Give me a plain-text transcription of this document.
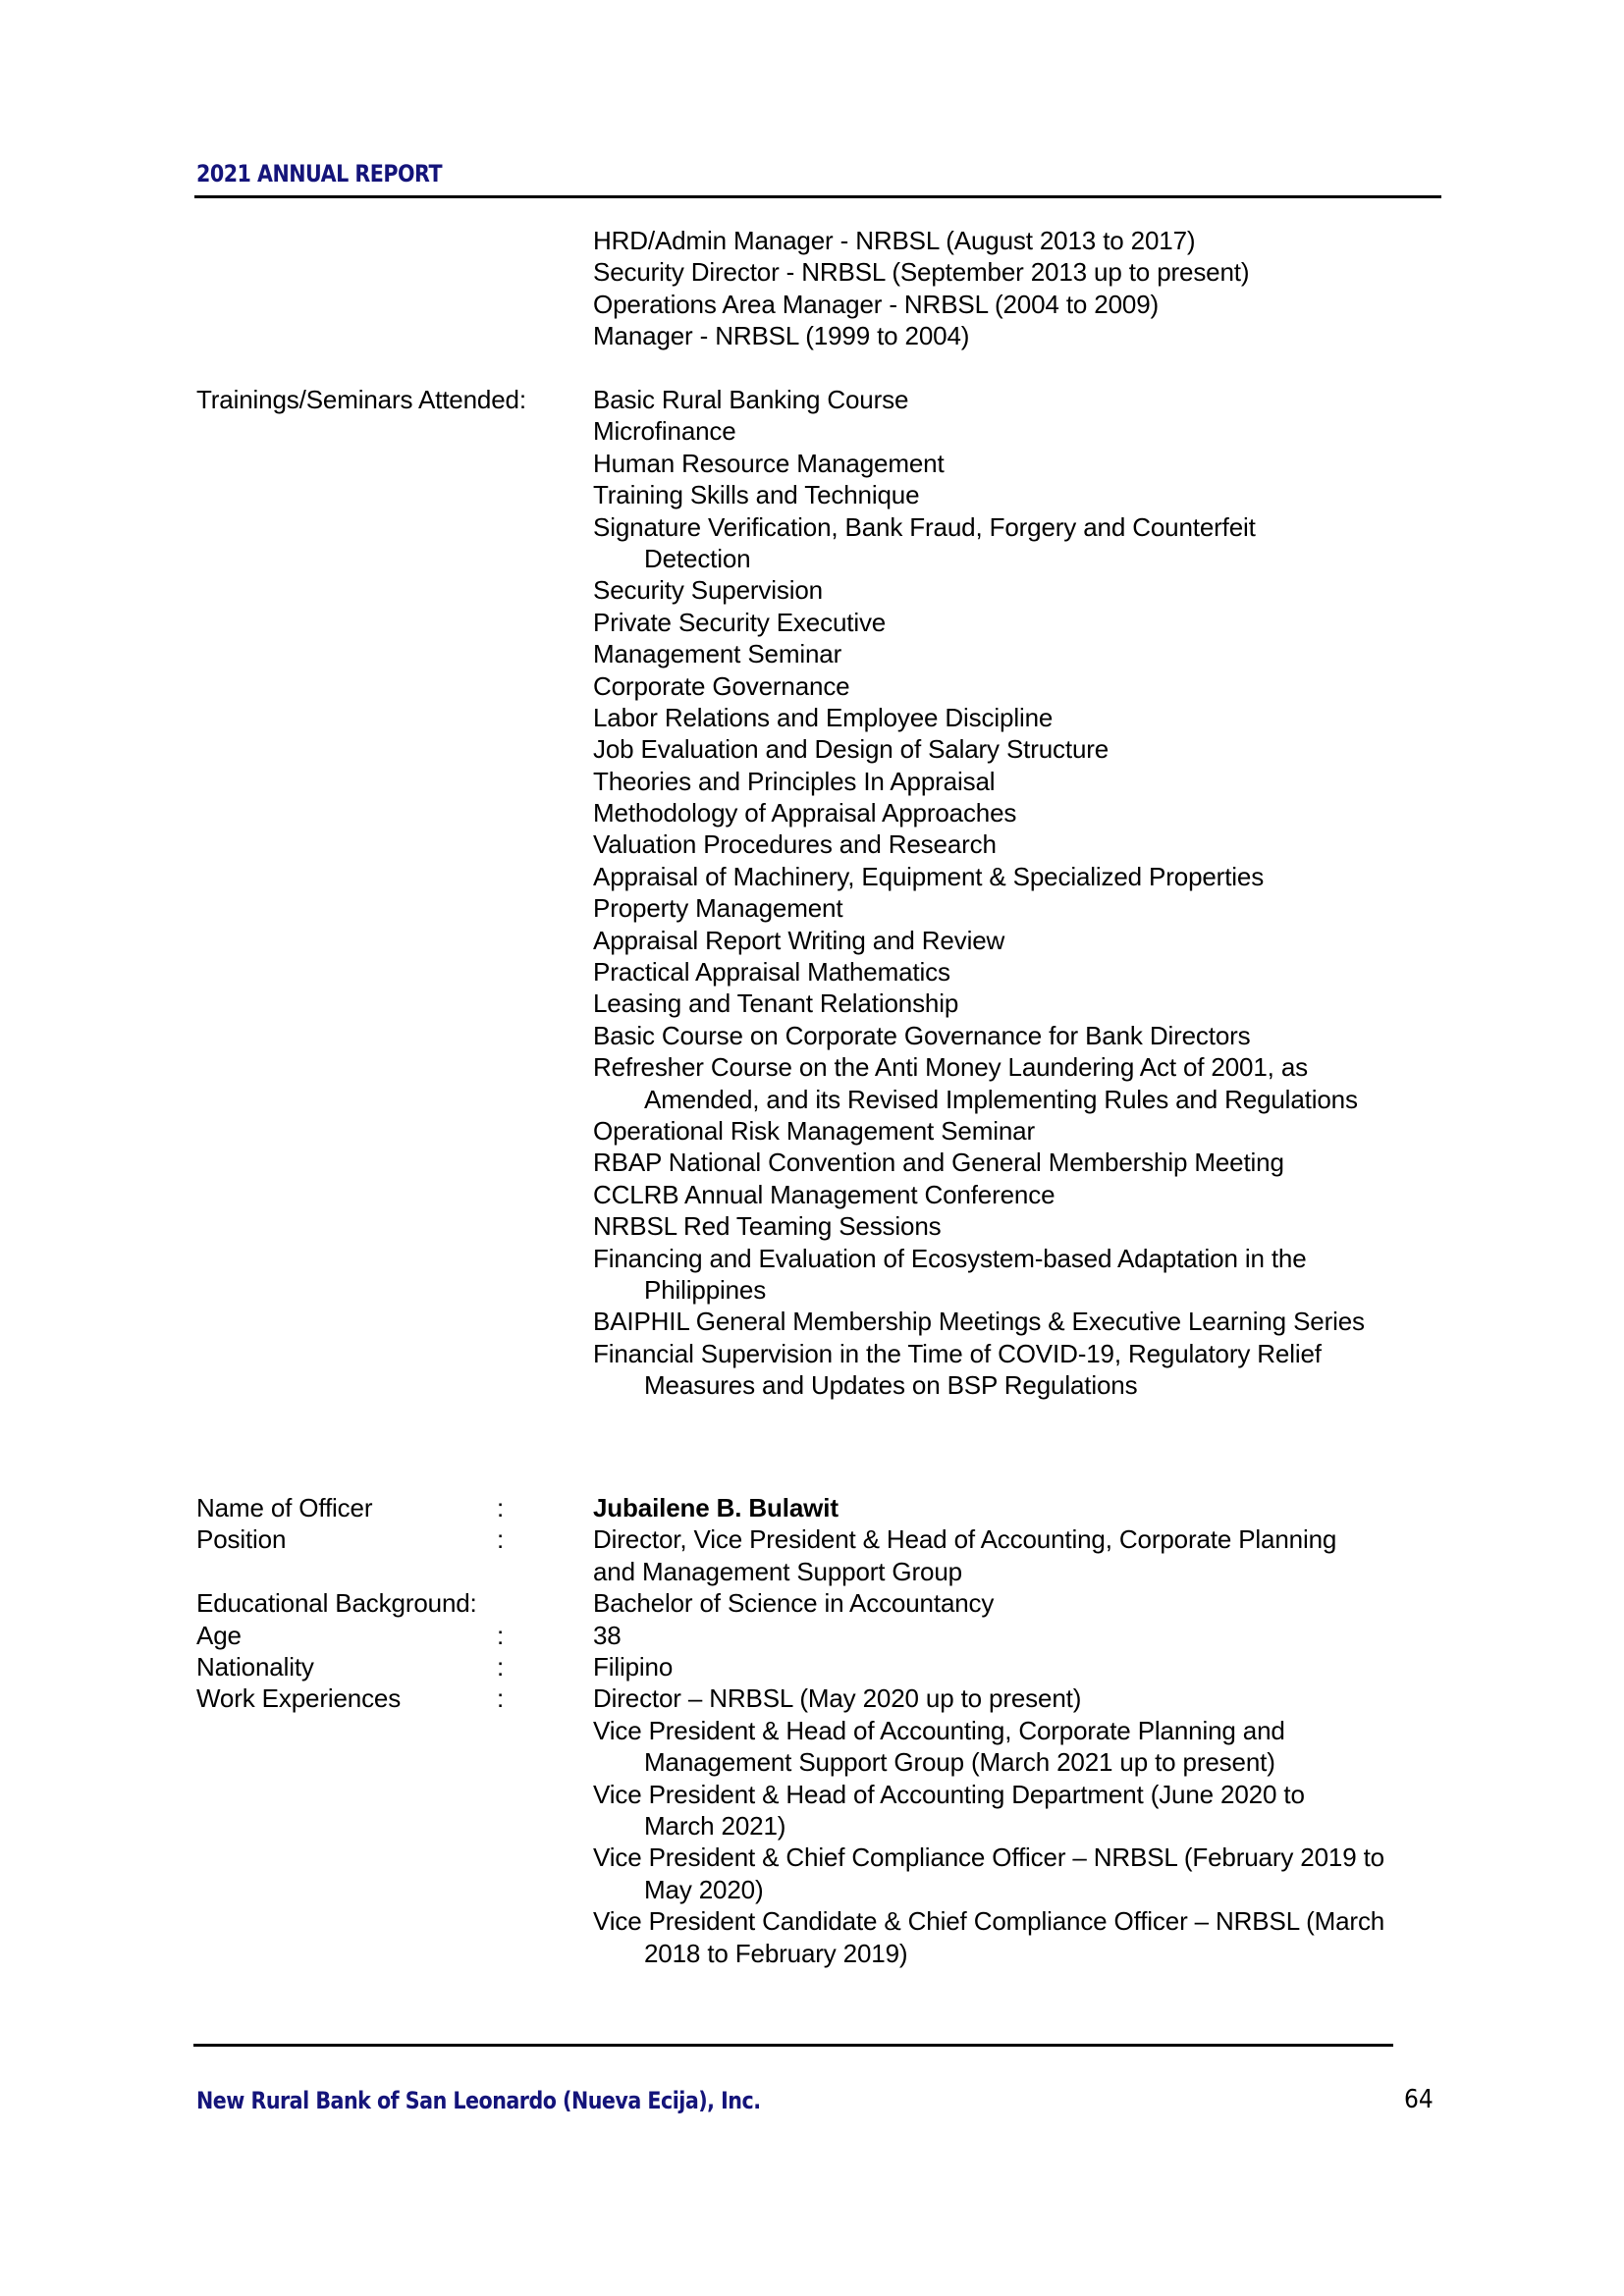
2021 ANNUAL REPORT
HRD/Admin Manager - NRBSL (August 2013 to 2017)
Security Director - NRBSL (September 2013 up to present)
Operations Area Manager - NRBSL (2004 to 2009)
Manager - NRBSL (1999 to 2004)
Trainings/Seminars Attended:	Basic Rural Banking Course
Microfinance
Human Resource Management
Training Skills and Technique
Signature Verification, Bank Fraud, Forgery and Counterfeit
Detection
Security Supervision
Private Security Executive
Management Seminar
Corporate Governance
Labor Relations and Employee Discipline
Job Evaluation and Design of Salary Structure
Theories and Principles In Appraisal
Methodology of Appraisal Approaches
Valuation Procedures and Research
Appraisal of Machinery, Equipment & Specialized Properties
Property Management
Appraisal Report Writing and Review
Practical Appraisal Mathematics
Leasing and Tenant Relationship
Basic Course on Corporate Governance for Bank Directors
Refresher Course on the Anti Money Laundering Act of 2001, as
Amended, and its Revised Implementing Rules and Regulations
Operational Risk Management Seminar
RBAP National Convention and General Membership Meeting
CCLRB Annual Management Conference
NRBSL Red Teaming Sessions
Financing and Evaluation of Ecosystem-based Adaptation in the
Philippines
BAIPHIL General Membership Meetings & Executive Learning Series
Financial Supervision in the Time of COVID-19, Regulatory Relief
Measures and Updates on BSP Regulations
Name of Officer	:	Jubailene B. Bulawit
Position	:	Director, Vice President & Head of Accounting, Corporate Planning
and Management Support Group
Educational Background:	Bachelor of Science in Accountancy
Age	:	38
Nationality	:	Filipino
Work Experiences	:	Director – NRBSL (May 2020 up to present)
Vice President & Head of Accounting, Corporate Planning and
Management Support Group (March 2021 up to present)
Vice President & Head of Accounting Department (June 2020 to
March 2021)
Vice President & Chief Compliance Officer – NRBSL (February 2019 to
May 2020)
Vice President Candidate & Chief Compliance Officer – NRBSL (March
2018 to February 2019)
New Rural Bank of San Leonardo (Nueva Ecija), Inc.	64
